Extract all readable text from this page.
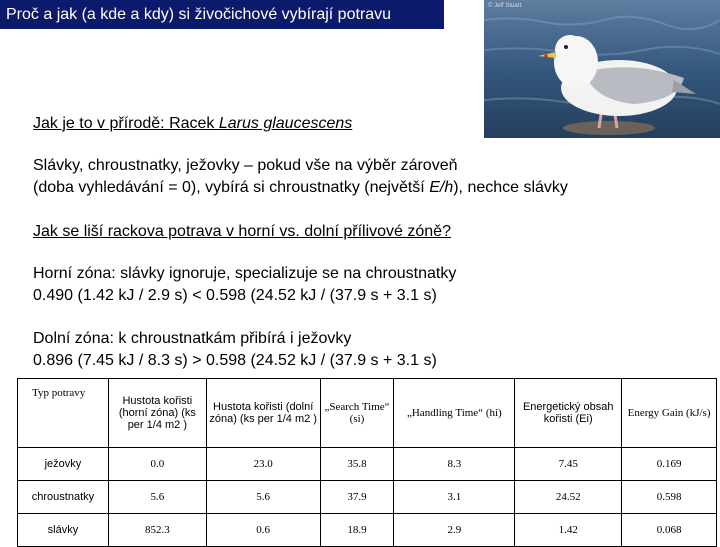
Proč a jak (a kde a kdy) si živočichové vybírají potravu	© Jeff Stuart
Jak je to v přírodě: Racek Larus glaucescens
Slávky, chroustnatky, ježovky – pokud vše na výběr zároveň
(doba vyhledávání = 0), vybírá si chroustnatky (největší E/h), nechce slávky
Jak se liší rackova potrava v horní vs. dolní přílivové zóně?
Horní zóna: slávky ignoruje, specializuje se na chroustnatky
0.490 (1.42 kJ / 2.9 s) < 0.598 (24.52 kJ / (37.9 s + 3.1 s)
Dolní zóna: k chroustnatkám přibírá i ježovky
0.896 (7.45 kJ / 8.3 s) > 0.598 (24.52 kJ / (37.9 s + 3.1 s)
Typ potravy	Hustota kořisti (horní zóna) (ks per 1/4 m2 )	Hustota kořisti (dolní zóna) (ks per 1/4 m2 )	„Search Time“ (si)	„Handling Time“ (hi)	Energetický obsah kořisti (Ei)	Energy Gain (kJ/s)
ježovky	0.0	23.0	35.8	8.3	7.45	0.169
chroustnatky	5.6	5.6	37.9	3.1	24.52	0.598
slávky	852.3	0.6	18.9	2.9	1.42	0.068
